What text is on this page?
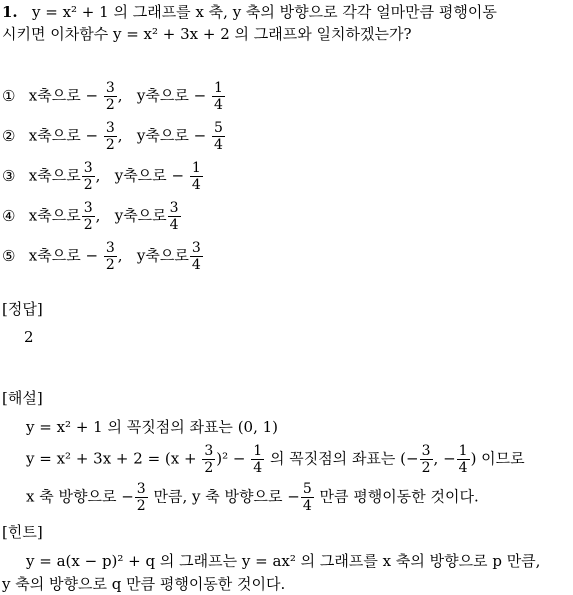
1. y = x² + 1 의 그래프를 x 축, y 축의 방향으로 각각 얼마만큼 평행이동
시키면 이차함수 y = x² + 3x + 2 의 그래프와 일치하겠는가?
① x축으로 − $\frac{3}{2}$ ,   y축으로 − $\frac{1}{4}$
② x축으로 − $\frac{3}{2}$ ,   y축으로 − $\frac{5}{4}$
③ x축으로 $\frac{3}{2}$ ,   y축으로 − $\frac{1}{4}$
④ x축으로 $\frac{3}{2}$ ,   y축으로 $\frac{3}{4}$
⑤ x축으로 − $\frac{3}{2}$ ,   y축으로 $\frac{3}{4}$
[정답]
2
[해설]
y = x² + 1 의 꼭짓점의 좌표는 (0, 1)
$y = x^2 + 3x + 2 = (x + \frac{3}{2} )^2 - \frac{1}{4}$ 의 꼭짓점의 좌표는 (− $\frac{3}{2}$ , − $\frac{1}{4}$ ) 이므로
x 축 방향으로 − $\frac{3}{2}$ 만큼, y 축 방향으로 − $\frac{5}{4}$ 만큼 평행이동한 것이다.
[힌트]
y = a(x − p)² + q 의 그래프는 y = ax² 의 그래프를 x 축의 방향으로 p 만큼,
y 축의 방향으로 q 만큼 평행이동한 것이다.
